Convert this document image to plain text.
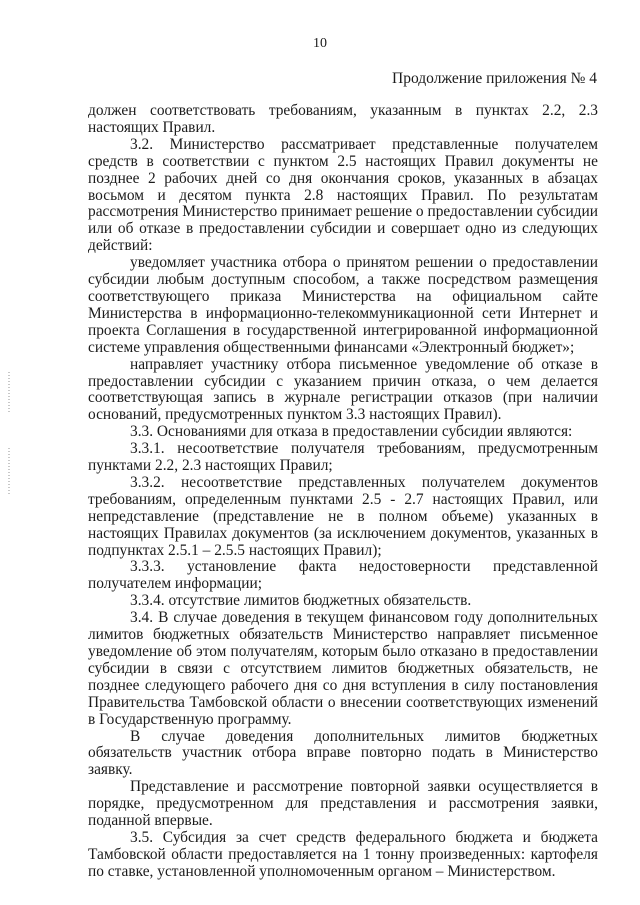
10
Продолжение приложения № 4

должен соответствовать требованиям, указанным в пунктах 2.2, 2.3 настоящих Правил.

3.2. Министерство рассматривает представленные получателем средств в соответствии с пунктом 2.5 настоящих Правил документы не позднее 2 рабочих дней со дня окончания сроков, указанных в абзацах восьмом и десятом пункта 2.8 настоящих Правил. По результатам рассмотрения Министерство принимает решение о предоставлении субсидии или об отказе в предоставлении субсидии и совершает одно из следующих действий:

уведомляет участника отбора о принятом решении о предоставлении субсидии любым доступным способом, а также посредством размещения соответствующего приказа Министерства на официальном сайте Министерства в информационно-телекоммуникационной сети Интернет и проекта Соглашения в государственной интегрированной информационной системе управления общественными финансами «Электронный бюджет»;

направляет участнику отбора письменное уведомление об отказе в предоставлении субсидии с указанием причин отказа, о чем делается соответствующая запись в журнале регистрации отказов (при наличии оснований, предусмотренных пунктом 3.3 настоящих Правил).

3.3. Основаниями для отказа в предоставлении субсидии являются:

3.3.1. несоответствие получателя требованиям, предусмотренным пунктами 2.2, 2.3 настоящих Правил;

3.3.2. несоответствие представленных получателем документов требованиям, определенным пунктами 2.5 - 2.7 настоящих Правил, или непредставление (представление не в полном объеме) указанных в настоящих Правилах документов (за исключением документов, указанных в подпунктах 2.5.1 – 2.5.5 настоящих Правил);

3.3.3. установление факта недостоверности представленной получателем информации;

3.3.4. отсутствие лимитов бюджетных обязательств.

3.4. В случае доведения в текущем финансовом году дополнительных лимитов бюджетных обязательств Министерство направляет письменное уведомление об этом получателям, которым было отказано в предоставлении субсидии в связи с отсутствием лимитов бюджетных обязательств, не позднее следующего рабочего дня со дня вступления в силу постановления Правительства Тамбовской области о внесении соответствующих изменений в Государственную программу.

В случае доведения дополнительных лимитов бюджетных обязательств участник отбора вправе повторно подать в Министерство заявку.

Представление и рассмотрение повторной заявки осуществляется в порядке, предусмотренном для представления и рассмотрения заявки, поданной впервые.

3.5. Субсидия за счет средств федерального бюджета и бюджета Тамбовской области предоставляется на 1 тонну произведенных: картофеля по ставке, установленной уполномоченным органом – Министерством.
